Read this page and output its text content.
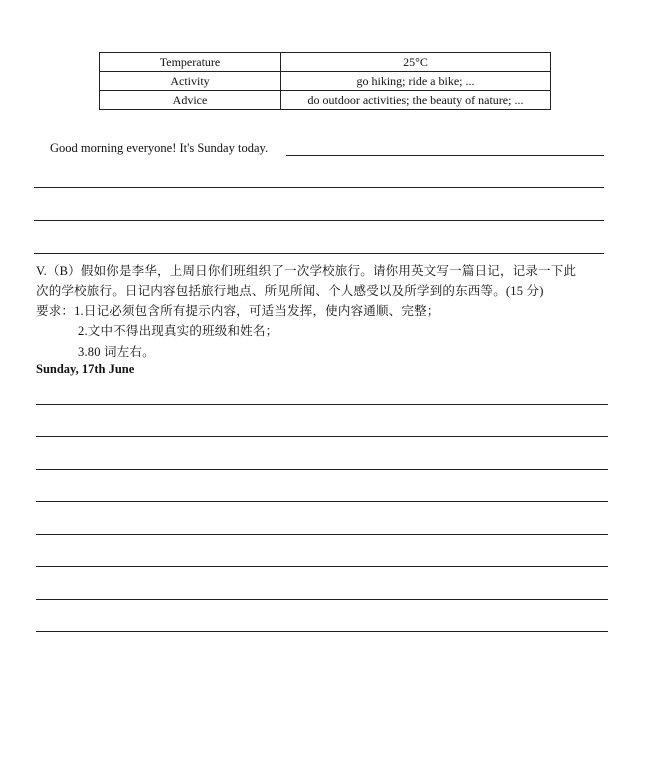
Temperature	25°C
Activity	go hiking; ride a bike; ...
Advice	do outdoor activities; the beauty of nature; ...
Good morning everyone! It's Sunday today.
V.（B）假如你是李华，上周日你们班组织了一次学校旅行。请你用英文写一篇日记，记录一下此
次的学校旅行。日记内容包括旅行地点、所见所闻、个人感受以及所学到的东西等。(15 分)
要求：1.日记必须包含所有提示内容，可适当发挥，使内容通顺、完整；
2.文中不得出现真实的班级和姓名；
3.80 词左右。
Sunday, 17th June
